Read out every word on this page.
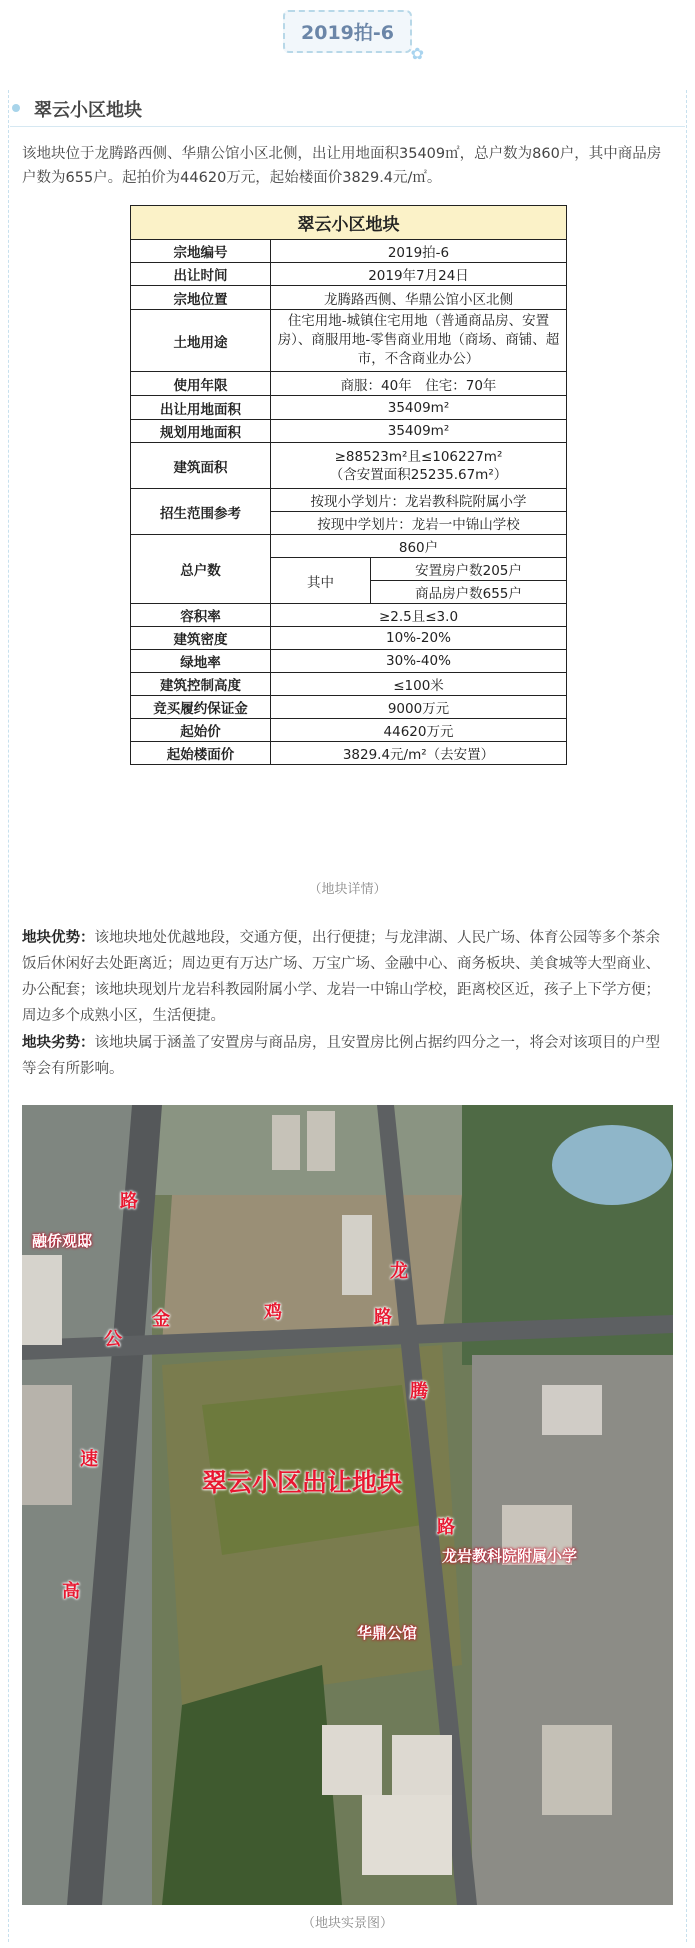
2019拍-6
✿
翠云小区地块

该地块位于龙腾路西侧、华鼎公馆小区北侧，出让用地面积35409㎡，总户数为860户，其中商品房户数为655户。起拍价为44620万元，起始楼面价3829.4元/㎡。

翠云小区地块		
宗地编号	2019拍-6	
出让时间	2019年7月24日	
宗地位置	龙腾路西侧、华鼎公馆小区北侧	
土地用途	住宅用地-城镇住宅用地（普通商品房、安置房）、商服用地-零售商业用地（商场、商铺、超市，不含商业办公）	
使用年限	商服：40年　住宅：70年	
出让用地面积	35409m²	
规划用地面积	35409m²	
建筑面积	≥88523m²且≤106227m²
（含安置面积25235.67m²）	

招生范围参考	按现小学划片：龙岩教科院附属小学	
	按现中学划片：龙岩一中锦山学校	
总户数	860户	
	其中	安置房户数205户
		商品房户数655户
容积率	≥2.5且≤3.0	
建筑密度	10%-20%	
绿地率	30%-40%	
建筑控制高度	≤100米	
竞买履约保证金	9000万元	
起始价	44620万元	
起始楼面价	3829.4元/m²（去安置）	
（地块详情）

地块优势：该地块地处优越地段，交通方便，出行便捷；与龙津湖、人民广场、体育公园等多个茶余饭后休闲好去处距离近；周边更有万达广场、万宝广场、金融中心、商务板块、美食城等大型商业、办公配套；该地块现划片龙岩科教园附属小学、龙岩一中锦山学校，距离校区近，孩子上下学方便；周边多个成熟小区，生活便捷。

地块劣势：该地块属于涵盖了安置房与商品房，且安置房比例占据约四分之一，将会对该项目的户型等会有所影响。

路
公
金	鸡	路
龙
腾
路
高
速
融侨观邸
翠云小区出让地块
龙岩教科院附属小学
华鼎公馆
（地块实景图）
